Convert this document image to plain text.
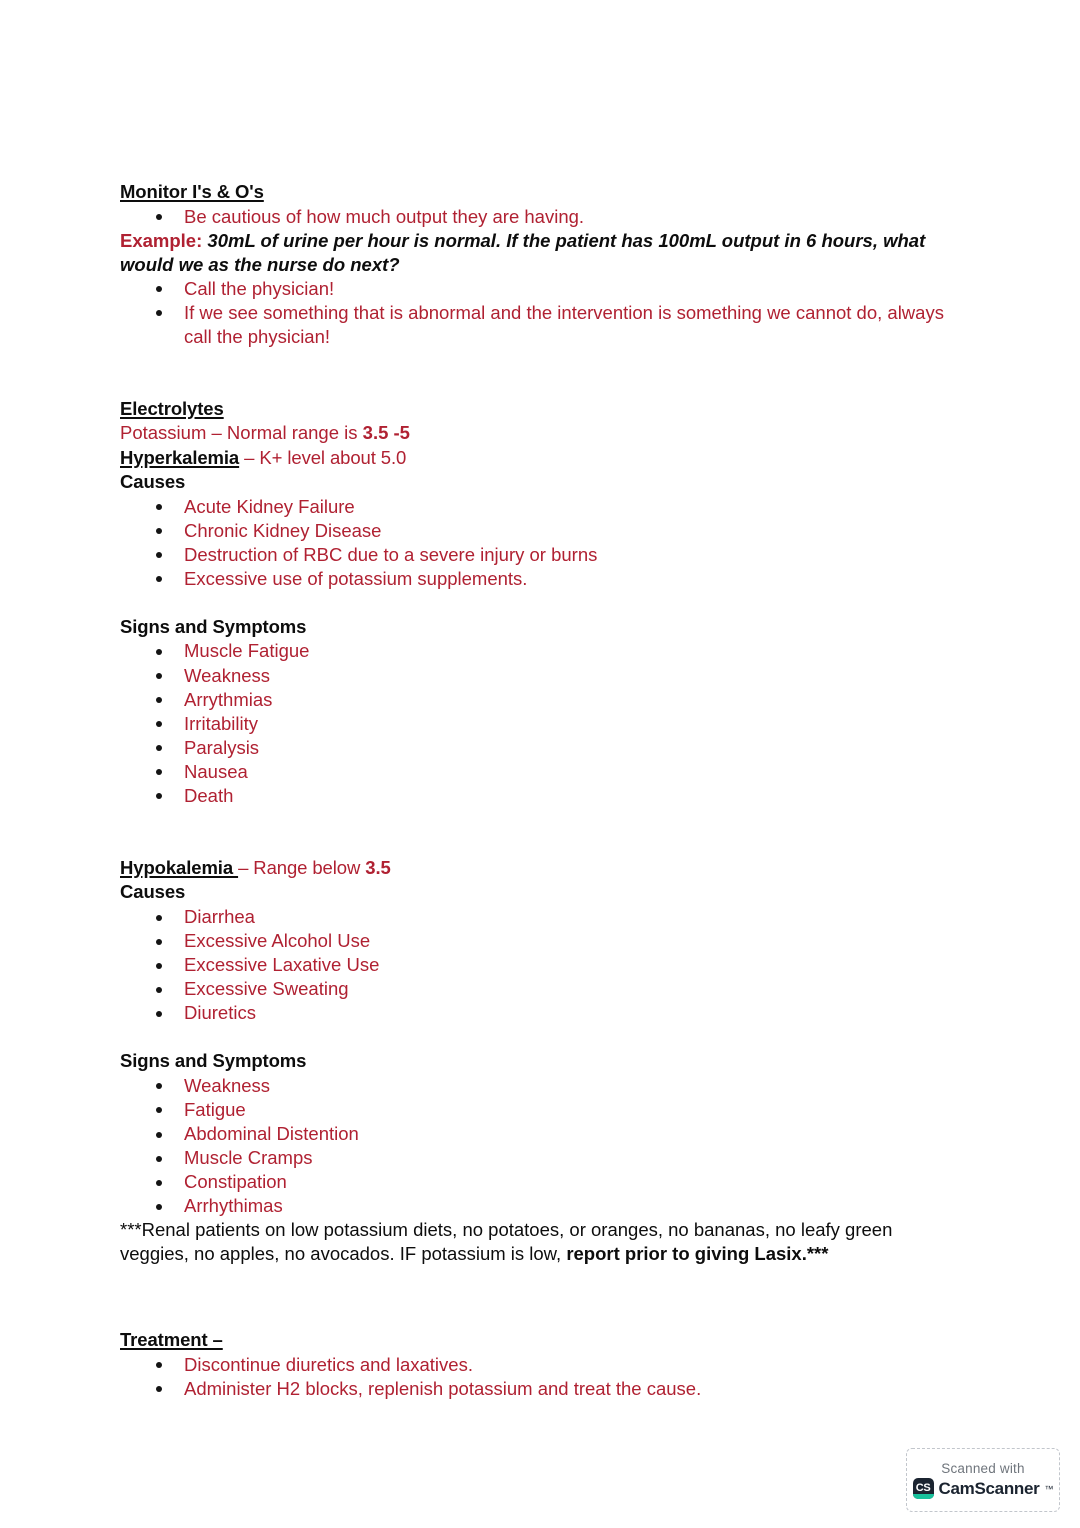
Monitor I's & O's
Be cautious of how much output they are having.
Example: 30mL of urine per hour is normal. If the patient has 100mL output in 6 hours, what would we as the nurse do next?
Call the physician!
If we see something that is abnormal and the intervention is something we cannot do, always call the physician!
Electrolytes
Potassium – Normal range is 3.5 -5
Hyperkalemia – K+ level about 5.0
Causes
Acute Kidney Failure
Chronic Kidney Disease
Destruction of RBC due to a severe injury or burns
Excessive use of potassium supplements.
Signs and Symptoms
Muscle Fatigue
Weakness
Arrythmias
Irritability
Paralysis
Nausea
Death
Hypokalemia – Range below 3.5
Causes
Diarrhea
Excessive Alcohol Use
Excessive Laxative Use
Excessive Sweating
Diuretics
Signs and Symptoms
Weakness
Fatigue
Abdominal Distention
Muscle Cramps
Constipation
Arrhythimas
***Renal patients on low potassium diets, no potatoes, or oranges, no bananas, no leafy green veggies, no apples, no avocados. IF potassium is low, report prior to giving Lasix.***
Treatment –
Discontinue diuretics and laxatives.
Administer H2 blocks, replenish potassium and treat the cause.
Scanned with
CS CamScanner ™
